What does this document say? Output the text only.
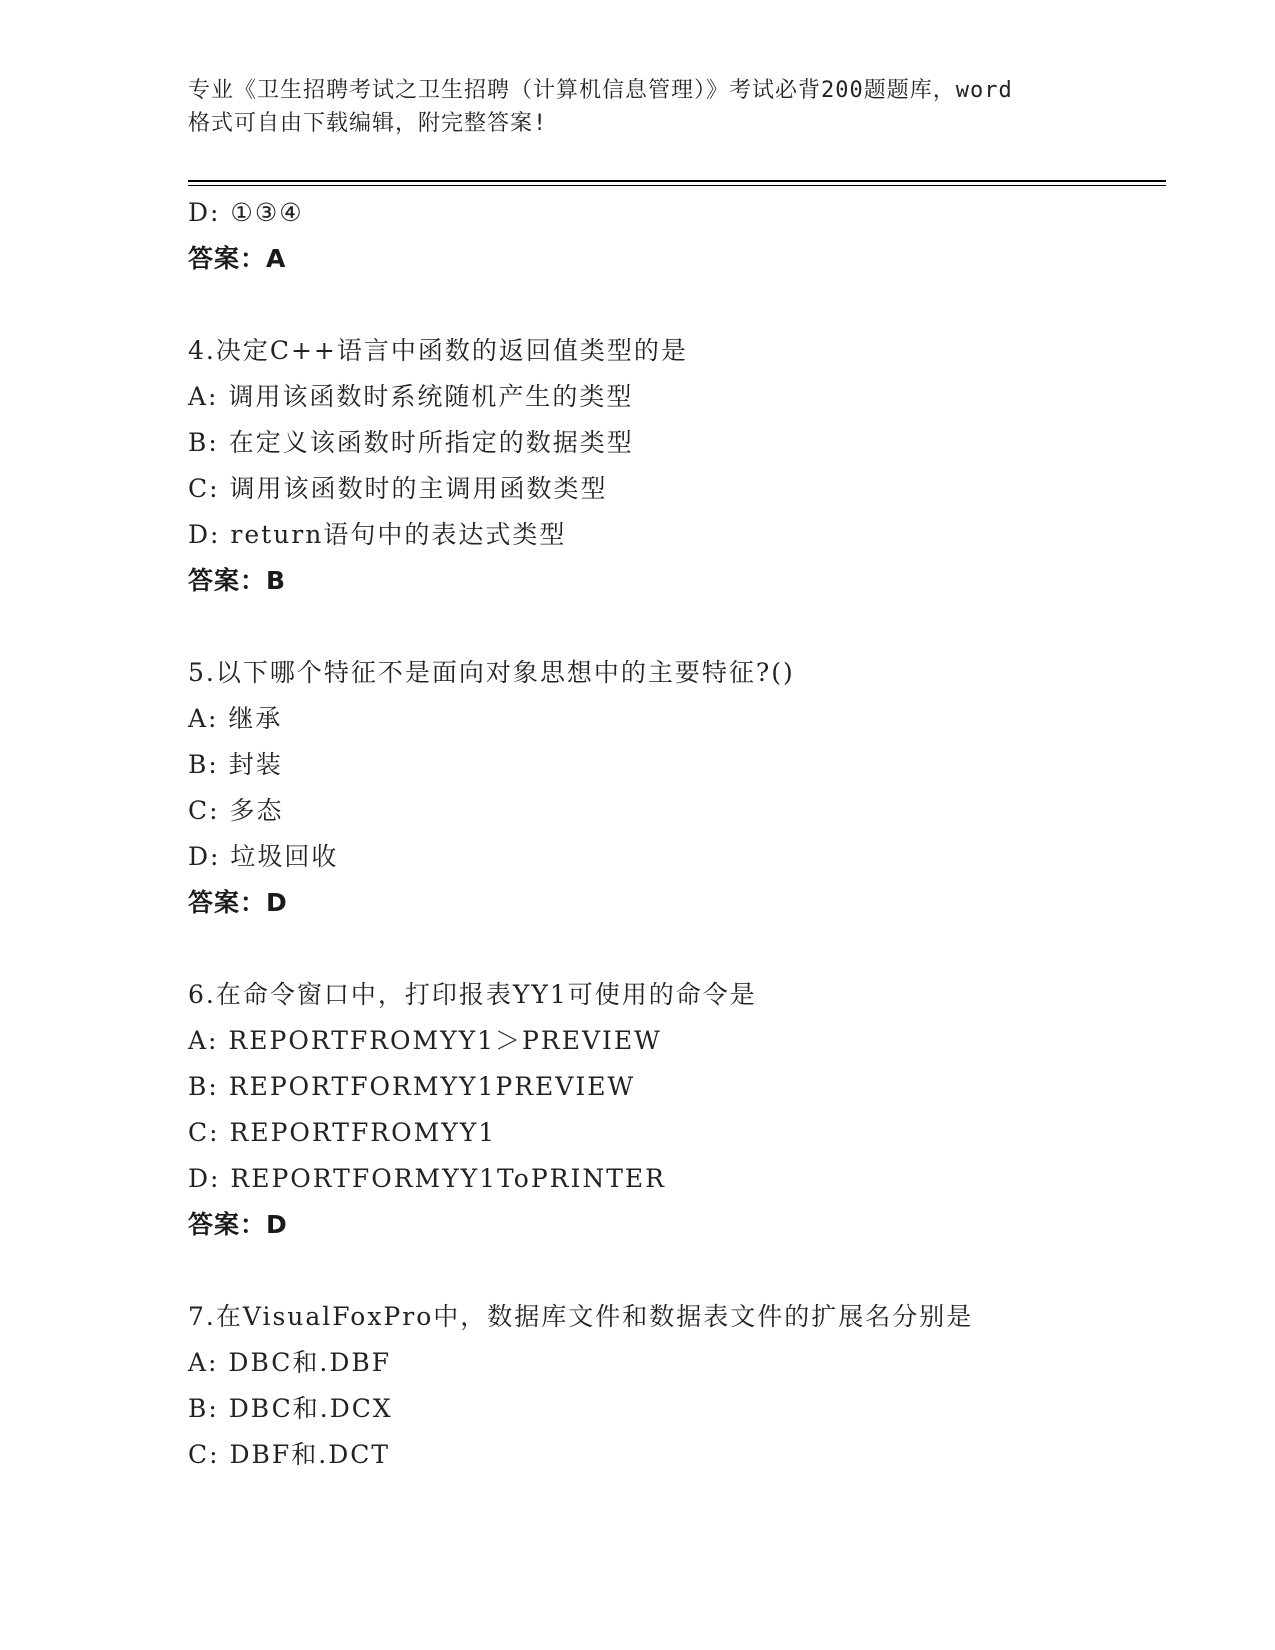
专业《卫生招聘考试之卫生招聘（计算机信息管理）》考试必背200题题库，word
格式可自由下载编辑，附完整答案!
D: ①③④
答案：A
4.决定C++语言中函数的返回值类型的是
A: 调用该函数时系统随机产生的类型
B: 在定义该函数时所指定的数据类型
C: 调用该函数时的主调用函数类型
D: return语句中的表达式类型
答案：B
5.以下哪个特征不是面向对象思想中的主要特征?()
A: 继承
B: 封装
C: 多态
D: 垃圾回收
答案：D
6.在命令窗口中，打印报表YY1可使用的命令是
A: REPORTFROMYY1＞PREVIEW
B: REPORTFORMYY1PREVIEW
C: REPORTFROMYY1
D: REPORTFORMYY1ToPRINTER
答案：D
7.在VisualFoxPro中，数据库文件和数据表文件的扩展名分别是
A: DBC和.DBF
B: DBC和.DCX
C: DBF和.DCT
